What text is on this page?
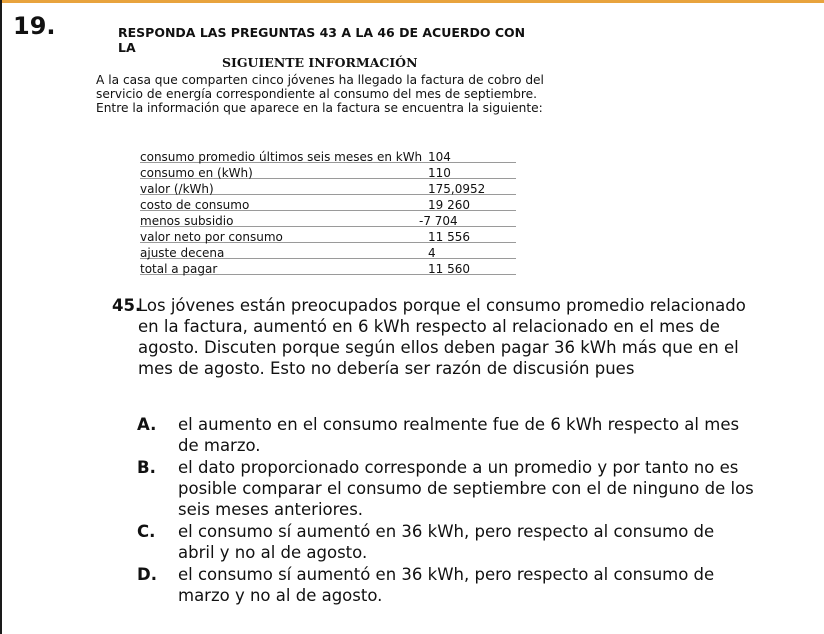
19.	RESPONDA LAS PREGUNTAS 43 A LA 46 DE ACUERDO CON LA
SIGUIENTE INFORMACIÓN
A la casa que comparten cinco jóvenes ha llegado la factura de cobro del
servicio de energía correspondiente al consumo del mes de septiembre.
Entre la información que aparece en la factura se encuentra la siguiente:
consumo promedio últimos seis meses en kWh 104
consumo en (kWh)	110
valor (/kWh)	175,0952
costo de consumo	19 260
menos subsidio	-7 704
valor neto por consumo	11 556
ajuste decena	4
total a pagar	11 560
45.
Los jóvenes están preocupados porque el consumo promedio relacionado
en la factura, aumentó en 6 kWh respecto al relacionado en el mes de
agosto. Discuten porque según ellos deben pagar 36 kWh más que en el
mes de agosto. Esto no debería ser razón de discusión pues
A. el aumento en el consumo realmente fue de 6 kWh respecto al mes
de marzo.
B. el dato proporcionado corresponde a un promedio y por tanto no es
posible comparar el consumo de septiembre con el de ninguno de los
seis meses anteriores.
C. el consumo sí aumentó en 36 kWh, pero respecto al consumo de
abril y no al de agosto.
D. el consumo sí aumentó en 36 kWh, pero respecto al consumo de
marzo y no al de agosto.
